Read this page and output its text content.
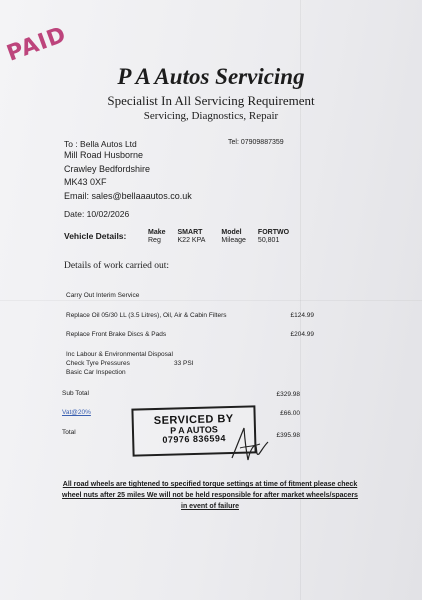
PAID
P A Autos Servicing
Specialist In All Servicing Requirement
Servicing, Diagnostics, Repair
To : Bella Autos Ltd	Tel: 07909887359
Mill Road Husborne
Crawley Bedfordshire
MK43 0XF
Email: sales@bellaaautos.co.uk
Date: 10/02/2026
Vehicle Details:	Make	SMART	Model	FORTWO
Reg	K22 KPA	Mileage	50,801
Details of work carried out:
Carry Out Interim Service
Replace Oil 05/30 LL (3.5 Litres), Oil, Air & Cabin Filters	£124.99
Replace Front Brake Discs & Pads	£204.99
Inc Labour & Environmental Disposal
Check Tyre Pressures	33 PSI
Basic Car Inspection
Sub Total	£329.98
Vat@20%	£66.00
Total	£395.98
SERVICED BY
P A AUTOS
07976 836594
All road wheels are tightened to specified torque settings at time of fitment please check wheel nuts after 25 miles We will not be held responsible for after market wheels/spacers in event of failure
